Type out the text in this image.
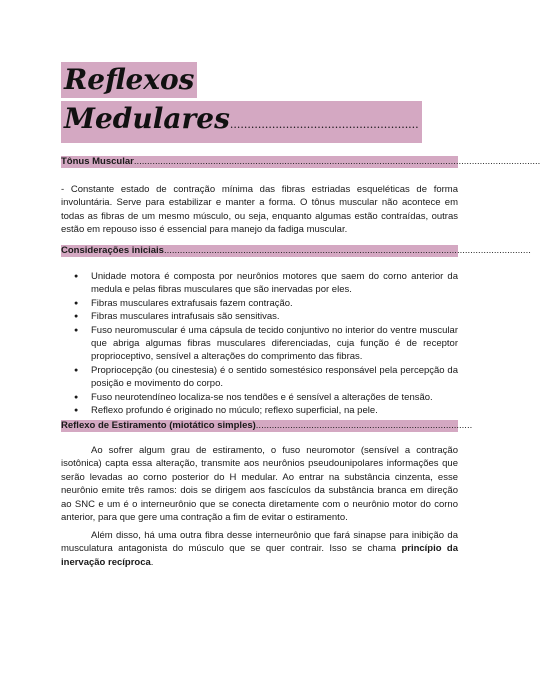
Reflexos
Medulares......................................................
Tônus Muscular..........................................................................................................................................................

- Constante estado de contração mínima das fibras estriadas esqueléticas de forma involuntária. Serve para estabilizar e manter a forma. O tônus muscular não acontece em todas as fibras de um mesmo músculo, ou seja, enquanto algumas estão contraídas, outras estão em repouso isso é essencial para manejo da fadiga muscular.

Considerações iniciais...........................................................................................................................................
● Unidade motora é composta por neurônios motores que saem do corno anterior da medula e pelas fibras musculares que são inervadas por eles.
● Fibras musculares extrafusais fazem contração.
● Fibras musculares intrafusais são sensitivas.
● Fuso neuromuscular é uma cápsula de tecido conjuntivo no interior do ventre muscular que abriga algumas fibras musculares diferenciadas, cuja função é de receptor proprioceptivo, sensível a alterações do comprimento das fibras.
● Propriocepção (ou cinestesia) é o sentido somestésico responsável pela percepção da posição e movimento do corpo.
● Fuso neurotendíneo localiza-se nos tendões e é sensível a alterações de tensão.
● Reflexo profundo é originado no múculo; reflexo superficial, na pele.
Reflexo de Estiramento (miotático simples)..................................................................................

Ao sofrer algum grau de estiramento, o fuso neuromotor (sensível a contração isotônica) capta essa alteração, transmite aos neurônios pseudounipolares informações que serão levadas ao corno posterior do H medular. Ao entrar na substância cinzenta, esse neurônio emite três ramos: dois se dirigem aos fascículos da substância branca em direção ao SNC e um é o interneurônio que se conecta diretamente com o neurônio motor do corno anterior, para que gere uma contração a fim de evitar o estiramento.

Além disso, há uma outra fibra desse interneurônio que fará sinapse para inibição da musculatura antagonista do músculo que se quer contrair. Isso se chama princípio da inervação recíproca.
